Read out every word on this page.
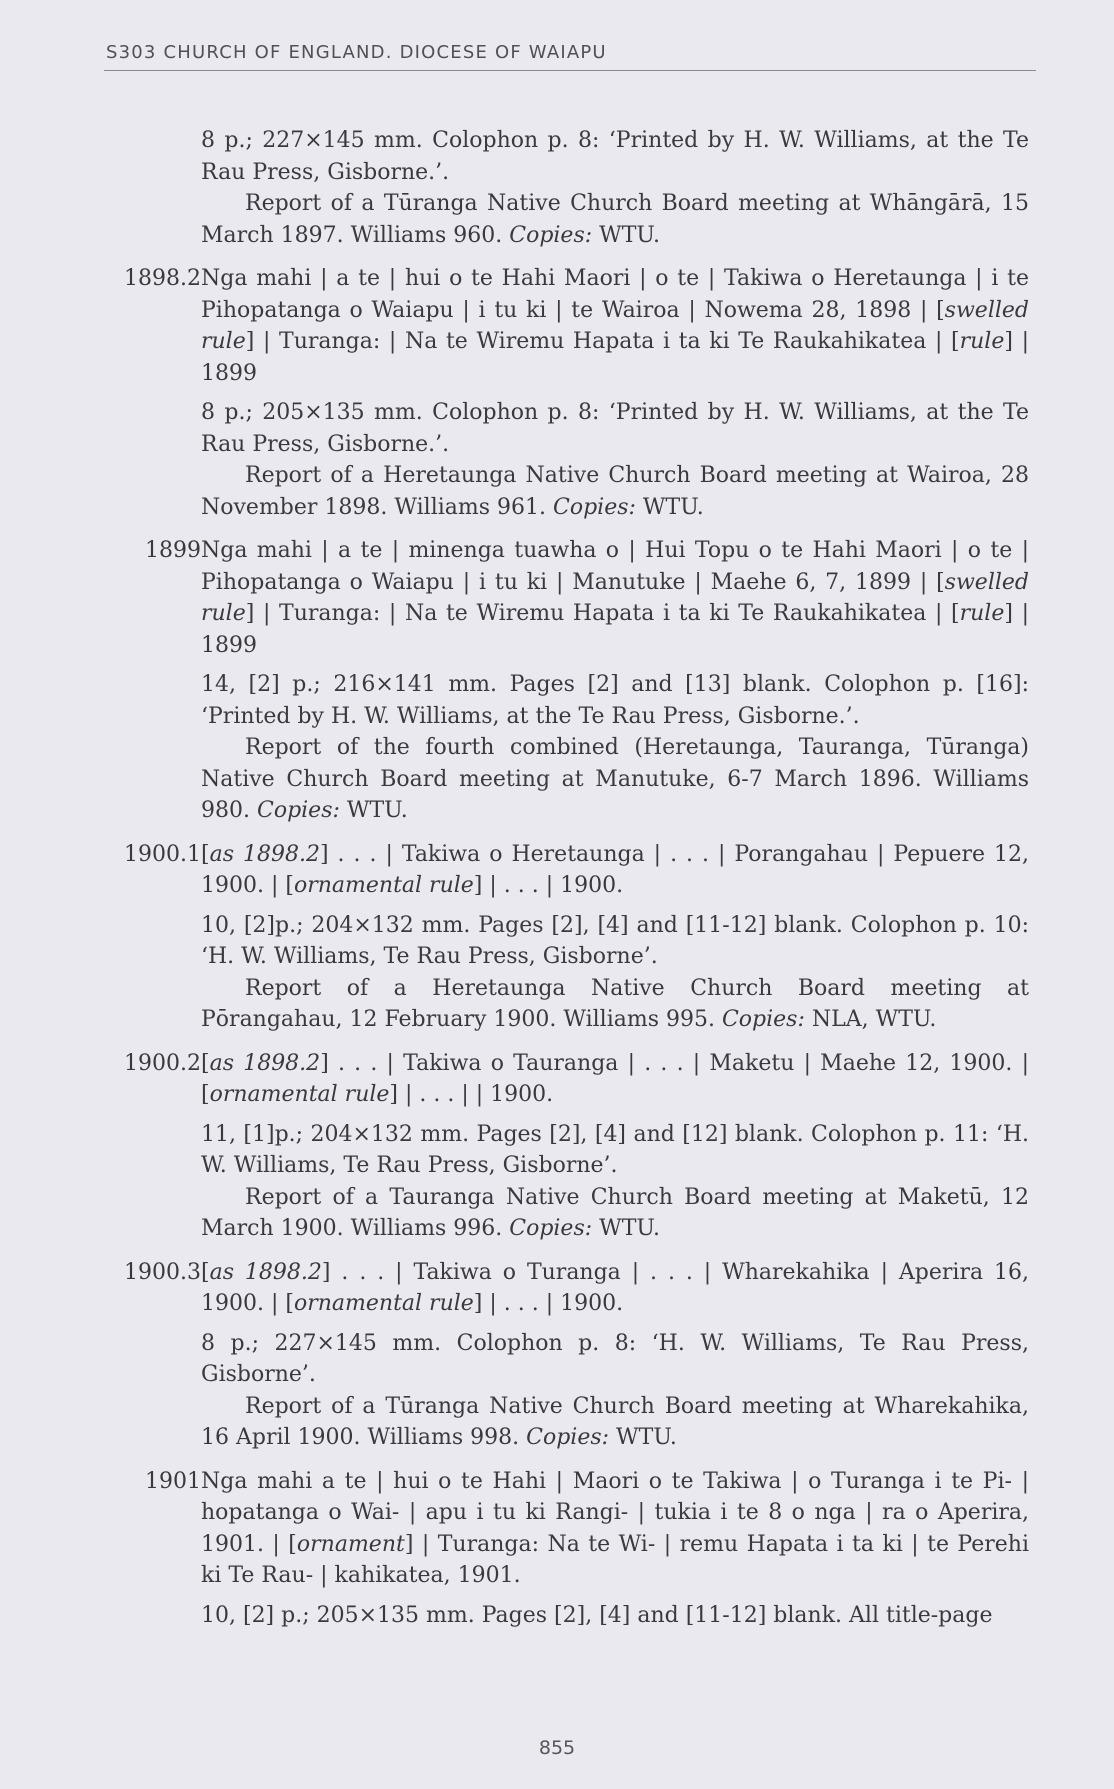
S303 CHURCH OF ENGLAND. DIOCESE OF WAIAPU

8 p.; 227×145 mm. Colophon p. 8: ‘Printed by H. W. Williams, at the Te Rau Press, Gisborne.’.

Report of a Tūranga Native Church Board meeting at Whāngārā, 15 March 1897. Williams 960. Copies: WTU.

1898.2 Nga mahi | a te | hui o te Hahi Maori | o te | Takiwa o Heretaunga | i te Pihopatanga o Waiapu | i tu ki | te Wairoa | Nowema 28, 1898 | [swelled rule] | Turanga: | Na te Wiremu Hapata i ta ki Te Raukahikatea | [rule] | 1899

8 p.; 205×135 mm. Colophon p. 8: ‘Printed by H. W. Williams, at the Te Rau Press, Gisborne.’.

Report of a Heretaunga Native Church Board meeting at Wairoa, 28 November 1898. Williams 961. Copies: WTU.

1899 Nga mahi | a te | minenga tuawha o | Hui Topu o te Hahi Maori | o te | Pihopatanga o Waiapu | i tu ki | Manutuke | Maehe 6, 7, 1899 | [swelled rule] | Turanga: | Na te Wiremu Hapata i ta ki Te Raukahikatea | [rule] | 1899

14, [2] p.; 216×141 mm. Pages [2] and [13] blank. Colophon p. [16]: ‘Printed by H. W. Williams, at the Te Rau Press, Gisborne.’.

Report of the fourth combined (Heretaunga, Tauranga, Tūranga) Native Church Board meeting at Manutuke, 6-7 March 1896. Williams 980. Copies: WTU.

1900.1 [as 1898.2] . . . | Takiwa o Heretaunga | . . . | Porangahau | Pepuere 12, 1900. | [ornamental rule] | . . . | 1900.

10, [2]p.; 204×132 mm. Pages [2], [4] and [11-12] blank. Colophon p. 10: ‘H. W. Williams, Te Rau Press, Gisborne’.

Report of a Heretaunga Native Church Board meeting at Pōrangahau, 12 February 1900. Williams 995. Copies: NLA, WTU.

1900.2 [as 1898.2] . . . | Takiwa o Tauranga | . . . | Maketu | Maehe 12, 1900. | [ornamental rule] | . . . | | 1900.

11, [1]p.; 204×132 mm. Pages [2], [4] and [12] blank. Colophon p. 11: ‘H. W. Williams, Te Rau Press, Gisborne’.

Report of a Tauranga Native Church Board meeting at Maketū, 12 March 1900. Williams 996. Copies: WTU.

1900.3 [as 1898.2] . . . | Takiwa o Turanga | . . . | Wharekahika | Aperira 16, 1900. | [ornamental rule] | . . . | 1900.

8 p.; 227×145 mm. Colophon p. 8: ‘H. W. Williams, Te Rau Press, Gisborne’.

Report of a Tūranga Native Church Board meeting at Wharekahika, 16 April 1900. Williams 998. Copies: WTU.

1901 Nga mahi a te | hui o te Hahi | Maori o te Takiwa | o Turanga i te Pi- | hopatanga o Wai- | apu i tu ki Rangi- | tukia i te 8 o nga | ra o Aperira, 1901. | [ornament] | Turanga: Na te Wi- | remu Hapata i ta ki | te Perehi ki Te Rau- | kahikatea, 1901.

10, [2] p.; 205×135 mm. Pages [2], [4] and [11-12] blank. All title-page

855
